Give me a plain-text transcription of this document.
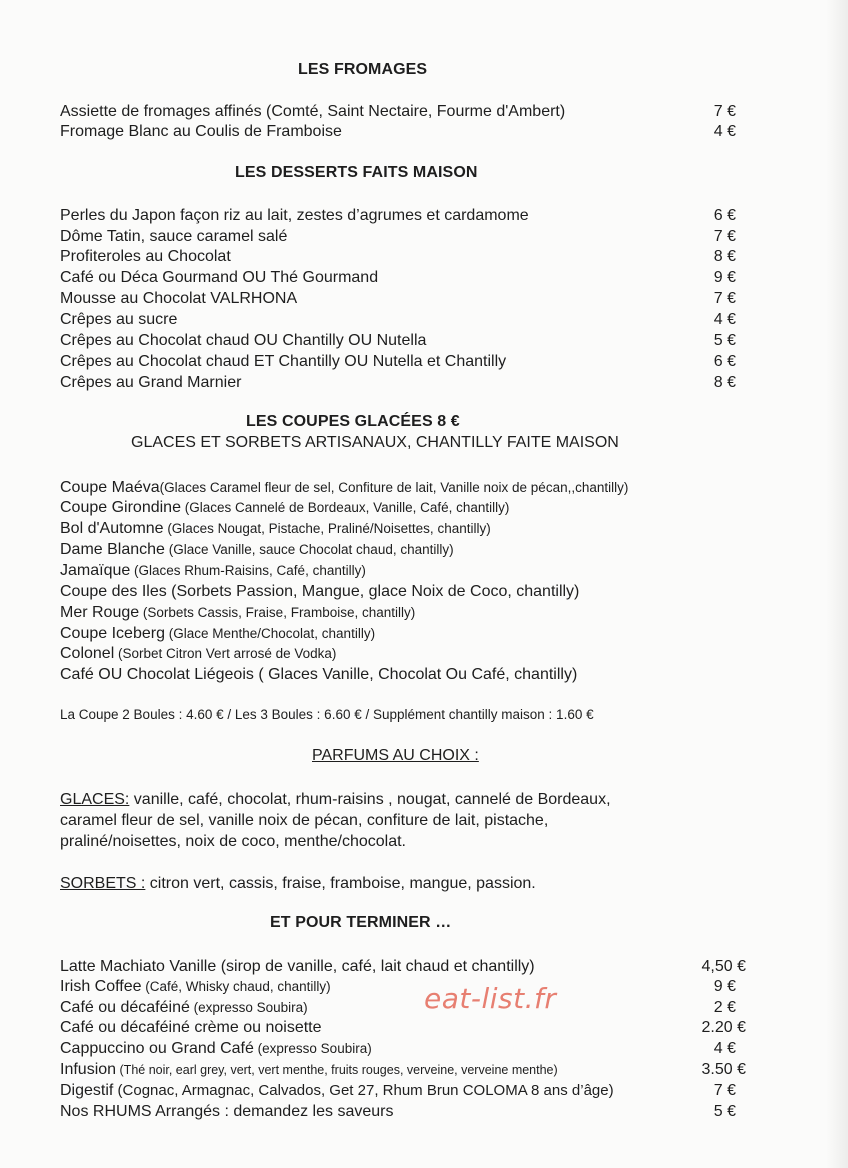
LES FROMAGES
Assiette de fromages affinés (Comté, Saint Nectaire, Fourme d'Ambert)	7 €
Fromage Blanc au Coulis de Framboise	4 €
LES DESSERTS FAITS MAISON
Perles du Japon façon riz au lait, zestes d’agrumes et cardamome	6 €
Dôme Tatin, sauce caramel salé	7 €
Profiteroles au Chocolat	8 €
Café ou Déca Gourmand OU Thé Gourmand	9 €
Mousse au Chocolat VALRHONA	7 €
Crêpes au sucre	4 €
Crêpes au Chocolat chaud OU Chantilly OU Nutella	5 €
Crêpes au Chocolat chaud ET Chantilly OU Nutella et Chantilly	6 €
Crêpes au Grand Marnier	8 €
LES COUPES GLACÉES 8 €
GLACES ET SORBETS ARTISANAUX, CHANTILLY FAITE MAISON
Coupe Maéva(Glaces Caramel fleur de sel, Confiture de lait, Vanille noix de pécan,,chantilly)
Coupe Girondine (Glaces Cannelé de Bordeaux, Vanille, Café, chantilly)
Bol d'Automne (Glaces Nougat, Pistache, Praliné/Noisettes, chantilly)
Dame Blanche (Glace Vanille, sauce Chocolat chaud, chantilly)
Jamaïque (Glaces Rhum-Raisins, Café, chantilly)
Coupe des Iles (Sorbets Passion, Mangue, glace Noix de Coco, chantilly)
Mer Rouge (Sorbets Cassis, Fraise, Framboise, chantilly)
Coupe Iceberg (Glace Menthe/Chocolat, chantilly)
Colonel (Sorbet Citron Vert arrosé de Vodka)
Café OU Chocolat Liégeois ( Glaces Vanille, Chocolat Ou Café, chantilly)
La Coupe 2 Boules : 4.60 € / Les 3 Boules : 6.60 € / Supplément chantilly maison : 1.60 €
PARFUMS AU CHOIX :
GLACES: vanille, café, chocolat, rhum-raisins , nougat, cannelé de Bordeaux,
caramel fleur de sel, vanille noix de pécan, confiture de lait, pistache,
praliné/noisettes, noix de coco, menthe/chocolat.
SORBETS : citron vert, cassis, fraise, framboise, mangue, passion.
ET POUR TERMINER …
Latte Machiato Vanille (sirop de vanille, café, lait chaud et chantilly)	4,50 €
Irish Coffee (Café, Whisky chaud, chantilly)	9 €
Café ou décaféiné (expresso Soubira)	2 €
Café ou décaféiné crème ou noisette	2.20 €
Cappuccino ou Grand Café (expresso Soubira)	4 €
Infusion (Thé noir, earl grey, vert, vert menthe, fruits rouges, verveine, verveine menthe)	3.50 €
Digestif (Cognac, Armagnac, Calvados, Get 27, Rhum Brun COLOMA 8 ans d’âge)	7 €
Nos RHUMS Arrangés : demandez les saveurs	5 €
eat-list.fr
